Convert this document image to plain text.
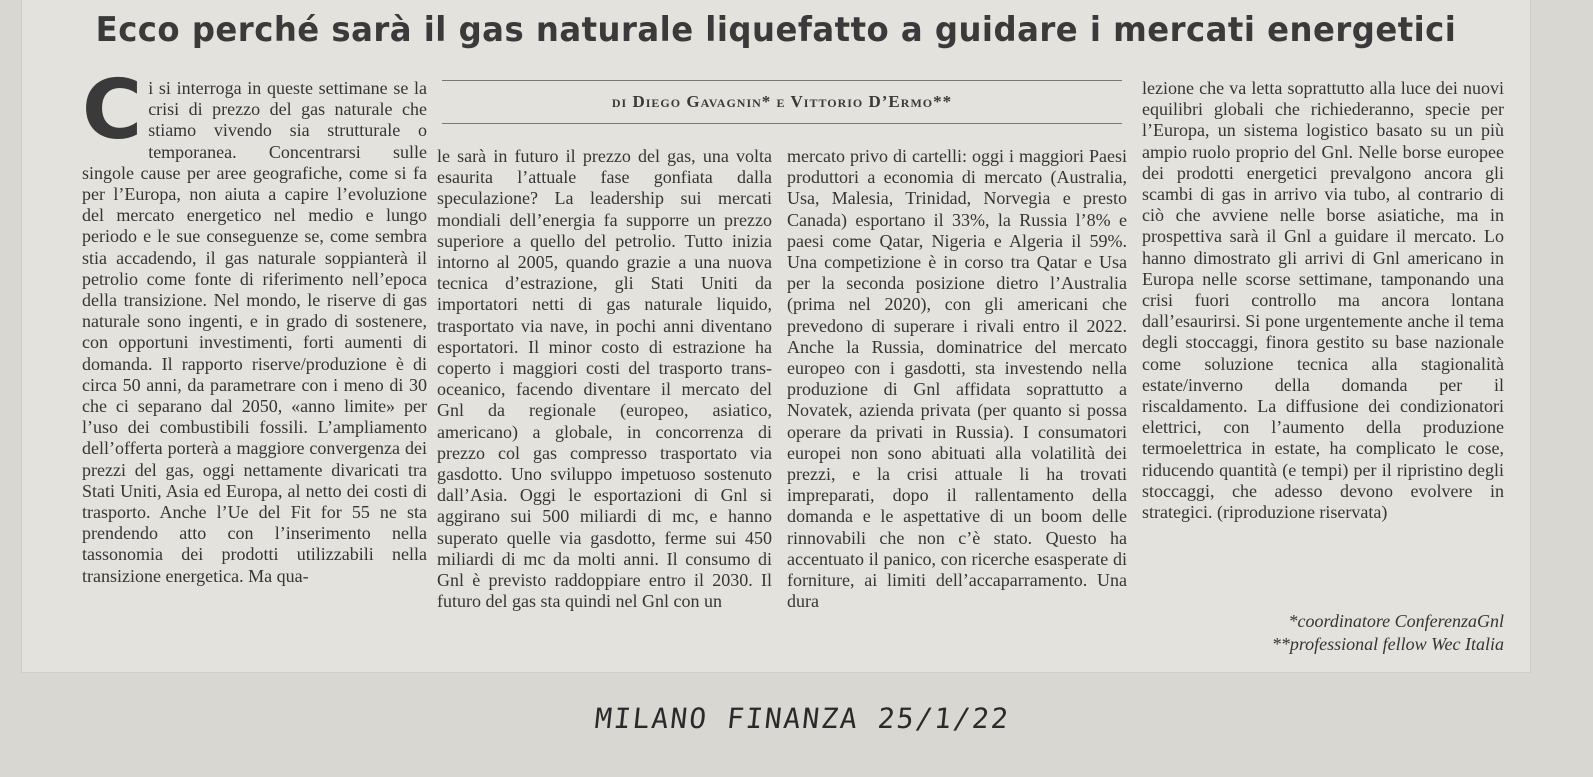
Ecco perché sarà il gas naturale liquefatto a guidare i mercati energetici
C i si interroga in queste settimane se la crisi di prezzo del gas naturale che stiamo vivendo sia strutturale o temporanea. Concentrarsi sulle singole cause per aree geografiche, come si fa per l’Europa, non aiuta a capire l’evoluzione del mercato energetico nel medio e lungo periodo e le sue conseguenze se, come sembra stia accadendo, il gas naturale soppianterà il petrolio come fonte di riferimento nell’epoca della transizione. Nel mondo, le riserve di gas naturale sono ingenti, e in grado di sostenere, con opportuni investimenti, forti aumenti di domanda. Il rapporto riserve/produzione è di circa 50 anni, da parametrare con i meno di 30 che ci separano dal 2050, «anno limite» per l’uso dei combustibili fossili. L’ampliamento dell’offerta porterà a maggiore convergenza dei prezzi del gas, oggi nettamente divaricati tra Stati Uniti, Asia ed Europa, al netto dei costi di trasporto. Anche l’Ue del Fit for 55 ne sta prendendo atto con l’inserimento nella tassonomia dei prodotti utilizzabili nella transizione energetica. Ma qua-

di Diego Gavagnin* e Vittorio D’Ermo**

le sarà in futuro il prezzo del gas, una volta esaurita l’attuale fase gonfiata dalla speculazione? La leadership sui mercati mondiali dell’energia fa supporre un prezzo superiore a quello del petrolio. Tutto iniziа intorno al 2005, quando grazie a una nuova tecnica d’estrazione, gli Stati Uniti da importatori netti di gas naturale liquido, trasportato via nave, in pochi anni diventano esportatori. Il minor costo di estrazione ha coperto i maggiori costi del trasporto trans-oceanico, facendo diventare il mercato del Gnl da regionale (europeo, asiatico, americano) a globale, in concorrenza di prezzo col gas compresso trasportato via gasdotto. Uno sviluppo impetuoso sostenuto dall’Asia. Oggi le esportazioni di Gnl si aggirano sui 500 miliardi di mc, e hanno superato quelle via gasdotto, ferme sui 450 miliardi di mc da molti anni. Il consumo di Gnl è previsto raddoppiare entro il 2030. Il futuro del gas sta quindi nel Gnl con un

mercato privo di cartelli: oggi i maggiori Paesi produttori a economia di mercato (Australia, Usa, Malesia, Trinidad, Norvegia e presto Canada) esportano il 33%, la Russia l’8% e paesi come Qatar, Nigeria e Algeria il 59%. Una competizione è in corso tra Qatar e Usa per la seconda posizione dietro l’Australia (prima nel 2020), con gli americani che prevedono di superare i rivali entro il 2022. Anche la Russia, dominatrice del mercato europeo con i gasdotti, sta investendo nella produzione di Gnl affidata soprattutto a Novatek, azienda privata (per quanto si possa operare da privati in Russia). I consumatori europei non sono abituati alla volatilità dei prezzi, e la crisi attuale li ha trovati impreparati, dopo il rallentamento della domanda e le aspettative di un boom delle rinnovabili che non c’è stato. Questo ha accentuato il panico, con ricerche esasperate di forniture, ai limiti dell’accaparramento. Una dura

lezione che va letta soprattutto alla luce dei nuovi equilibri globali che richiederanno, specie per l’Europa, un sistema logistico basato su un più ampio ruolo proprio del Gnl. Nelle borse europee dei prodotti energetici prevalgono ancora gli scambi di gas in arrivo via tubo, al contrario di ciò che avviene nelle borse asiatiche, ma in prospettiva sarà il Gnl a guidare il mercato. Lo hanno dimostrato gli arrivi di Gnl americano in Europa nelle scorse settimane, tamponando una crisi fuori controllo ma ancora lontana dall’esaurirsi. Si pone urgentemente anche il tema degli stoccaggi, finora gestito su base nazionale come soluzione tecnica alla stagionalità estate/inverno della domanda per il riscaldamento. La diffusione dei condizionatori elettrici, con l’aumento della produzione termoelettrica in estate, ha complicato le cose, riducendo quantità (e tempi) per il ripristino degli stoccaggi, che adesso devono evolvere in strategici. (riproduzione riservata)

*coordinatore ConferenzaGnl
**professional fellow Wec Italia
MILANO FINANZA 25/1/22
